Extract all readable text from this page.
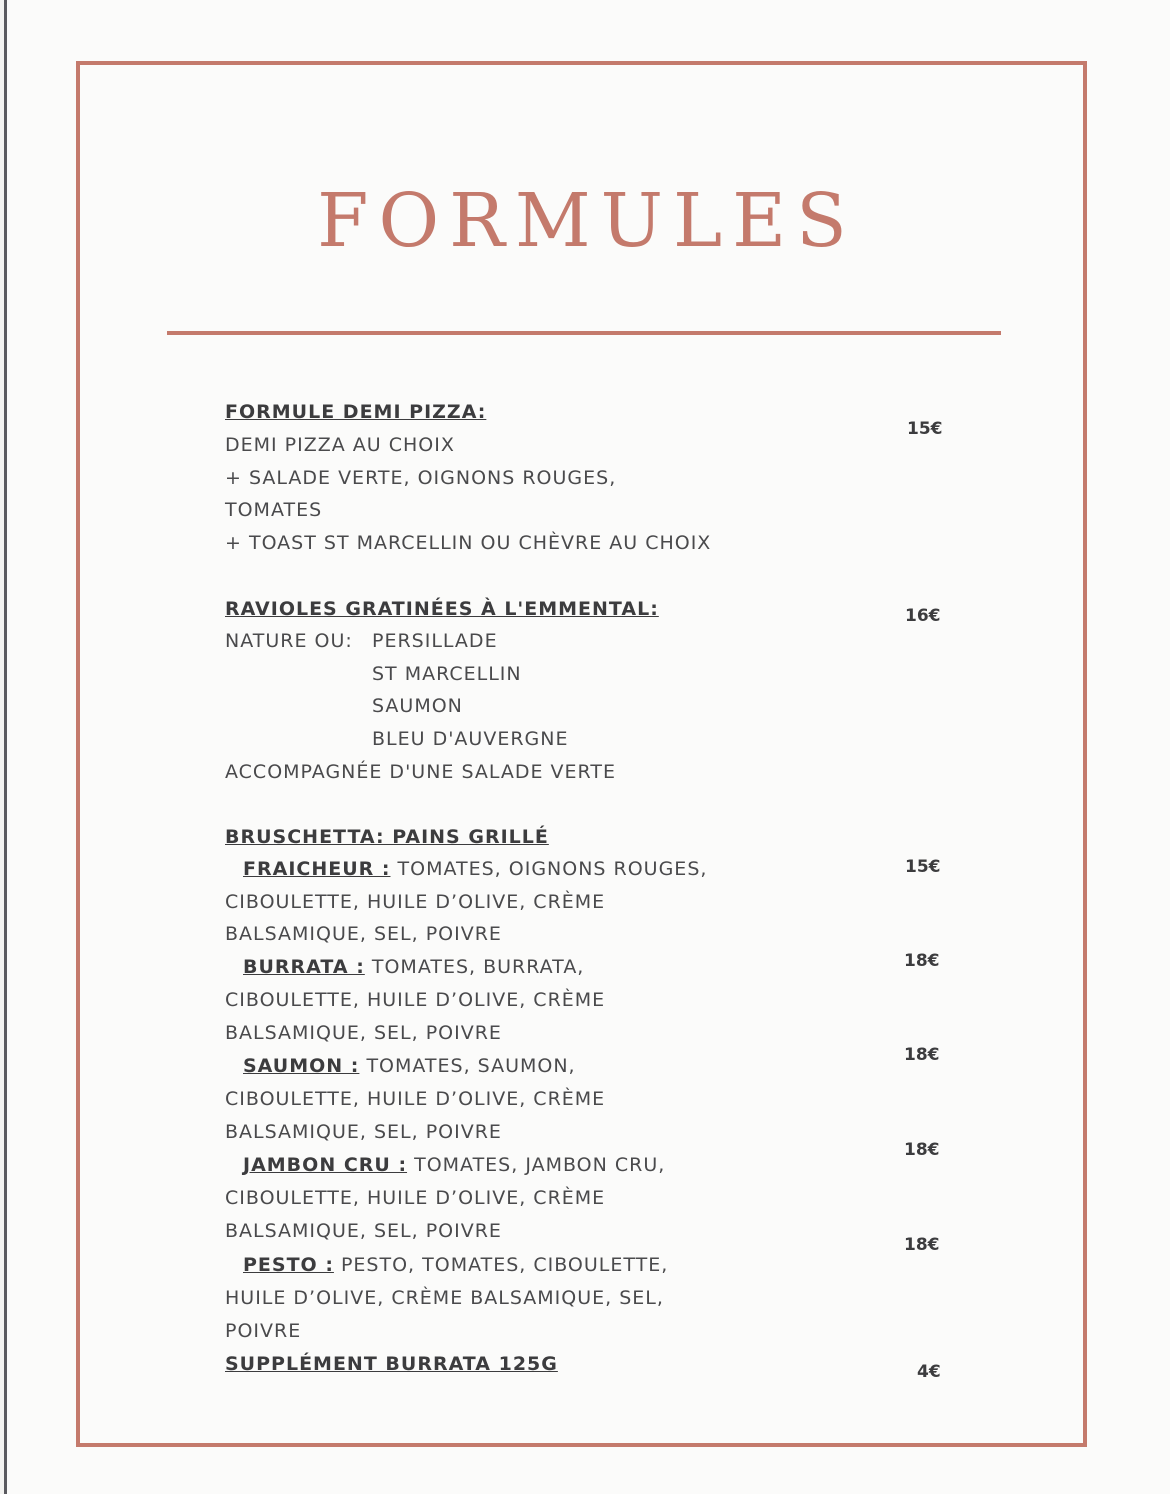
FORMULES
FORMULE DEMI PIZZA:
15€
DEMI PIZZA AU CHOIX
+ SALADE VERTE, OIGNONS ROUGES,
TOMATES
+ TOAST ST MARCELLIN OU CHÈVRE AU CHOIX
RAVIOLES GRATINÉES À L'EMMENTAL:	16€
NATURE OU: PERSILLADE
ST MARCELLIN
SAUMON
BLEU D'AUVERGNE
ACCOMPAGNÉE D'UNE SALADE VERTE
BRUSCHETTA: PAINS GRILLÉ
FRAICHEUR : TOMATES, OIGNONS ROUGES,
CIBOULETTE, HUILE D’OLIVE, CRÈME
BALSAMIQUE, SEL, POIVRE
15€
BURRATA : TOMATES, BURRATA,
CIBOULETTE, HUILE D’OLIVE, CRÈME
BALSAMIQUE, SEL, POIVRE
18€
SAUMON : TOMATES, SAUMON,
CIBOULETTE, HUILE D’OLIVE, CRÈME
BALSAMIQUE, SEL, POIVRE
18€
JAMBON CRU : TOMATES, JAMBON CRU,
CIBOULETTE, HUILE D’OLIVE, CRÈME
BALSAMIQUE, SEL, POIVRE
18€
PESTO : PESTO, TOMATES, CIBOULETTE,
HUILE D’OLIVE, CRÈME BALSAMIQUE, SEL,
POIVRE
18€
SUPPLÉMENT BURRATA 125G	4€
